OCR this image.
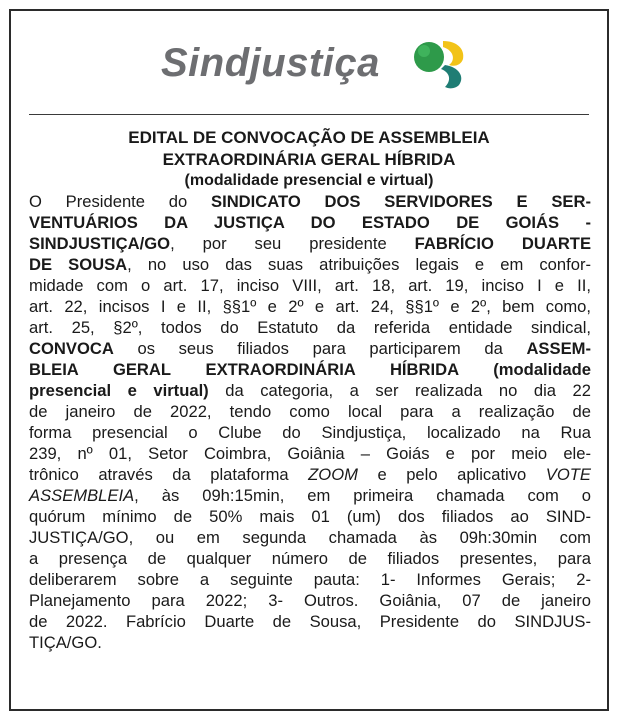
Sindjustiça
EDITAL DE CONVOCAÇÃO DE ASSEMBLEIA
EXTRAORDINÁRIA GERAL HÍBRIDA
(modalidade presencial e virtual)
O Presidente do SINDICATO DOS SERVIDORES E SER-
VENTUÁRIOS DA JUSTIÇA DO ESTADO DE GOIÁS -
SINDJUSTIÇA/GO, por seu presidente FABRÍCIO DUARTE
DE SOUSA, no uso das suas atribuições legais e em confor-
midade com o art. 17, inciso VIII, art. 18, art. 19, inciso I e II,
art. 22, incisos I e II, §§1º e 2º e art. 24, §§1º e 2º, bem como,
art. 25, §2º, todos do Estatuto da referida entidade sindical,
CONVOCA os seus filiados para participarem da ASSEM-
BLEIA GERAL EXTRAORDINÁRIA HÍBRIDA (modalidade
presencial e virtual) da categoria, a ser realizada no dia 22
de janeiro de 2022, tendo como local para a realização de
forma presencial o Clube do Sindjustiça, localizado na Rua
239, nº 01, Setor Coimbra, Goiânia – Goiás e por meio ele-
trônico através da plataforma ZOOM e pelo aplicativo VOTE
ASSEMBLEIA, às 09h:15min, em primeira chamada com o
quórum mínimo de 50% mais 01 (um) dos filiados ao SIND-
JUSTIÇA/GO, ou em segunda chamada às 09h:30min com
a presença de qualquer número de filiados presentes, para
deliberarem sobre a seguinte pauta: 1- Informes Gerais; 2-
Planejamento para 2022; 3- Outros. Goiânia, 07 de janeiro
de 2022. Fabrício Duarte de Sousa, Presidente do SINDJUS-
TIÇA/GO.
